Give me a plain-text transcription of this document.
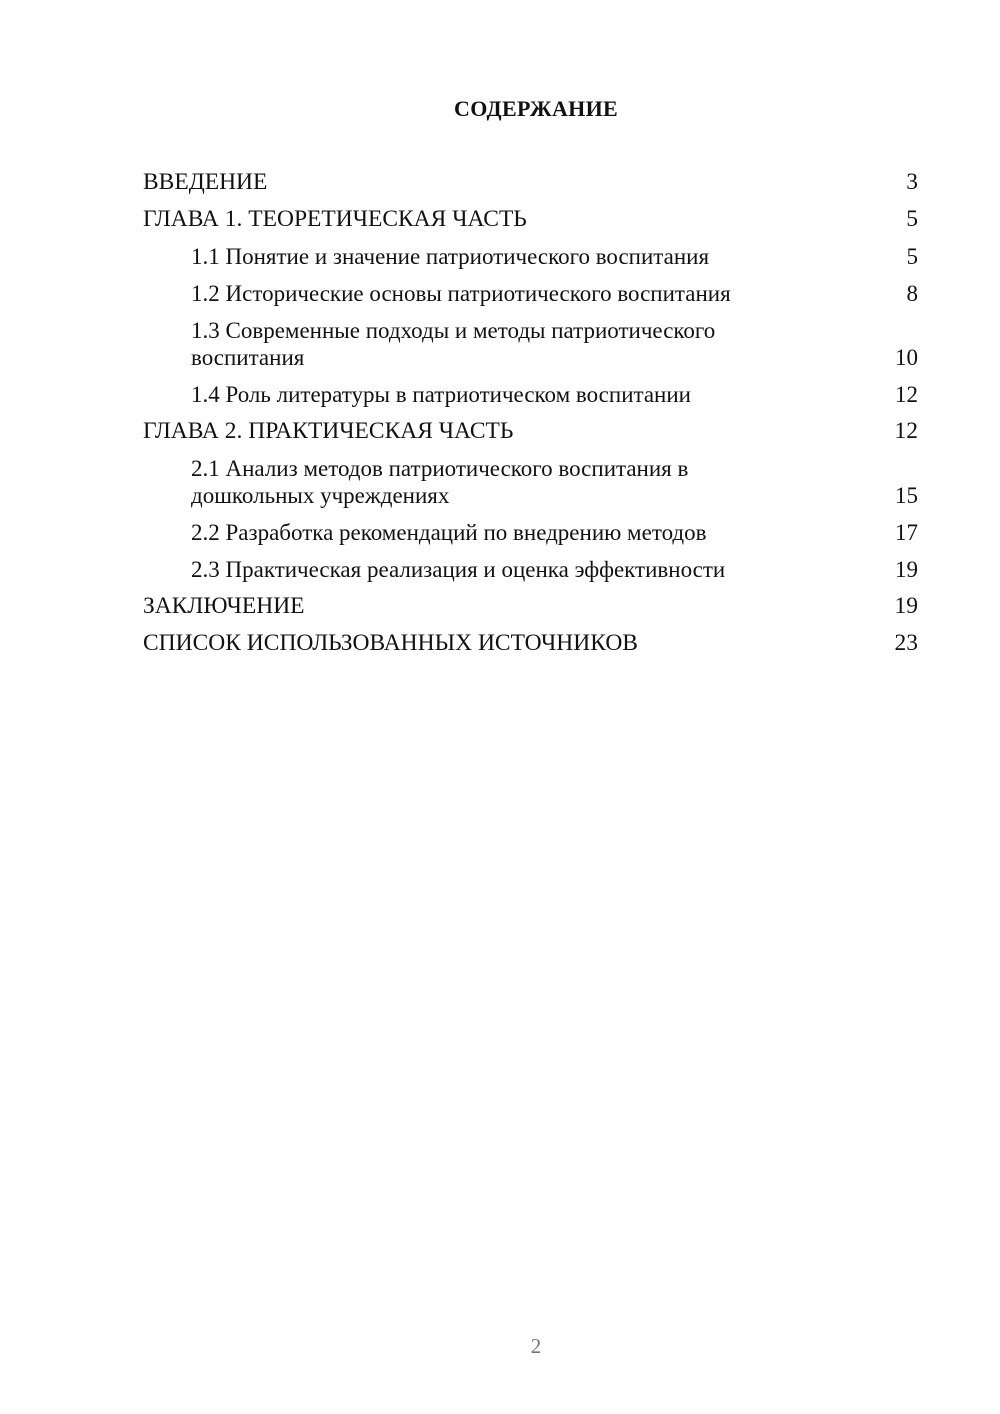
СОДЕРЖАНИЕ
ВВЕДЕНИЕ	3
ГЛАВА 1. ТЕОРЕТИЧЕСКАЯ ЧАСТЬ	5
1.1 Понятие и значение патриотического воспитания	5
1.2 Исторические основы патриотического воспитания	8
1.3 Современные подходы и методы патриотического воспитания	10
1.4 Роль литературы в патриотическом воспитании	12
ГЛАВА 2. ПРАКТИЧЕСКАЯ ЧАСТЬ	12
2.1 Анализ методов патриотического воспитания в дошкольных учреждениях	15
2.2 Разработка рекомендаций по внедрению методов	17
2.3 Практическая реализация и оценка эффективности	19
ЗАКЛЮЧЕНИЕ	19
СПИСОК ИСПОЛЬЗОВАННЫХ ИСТОЧНИКОВ	23
2
